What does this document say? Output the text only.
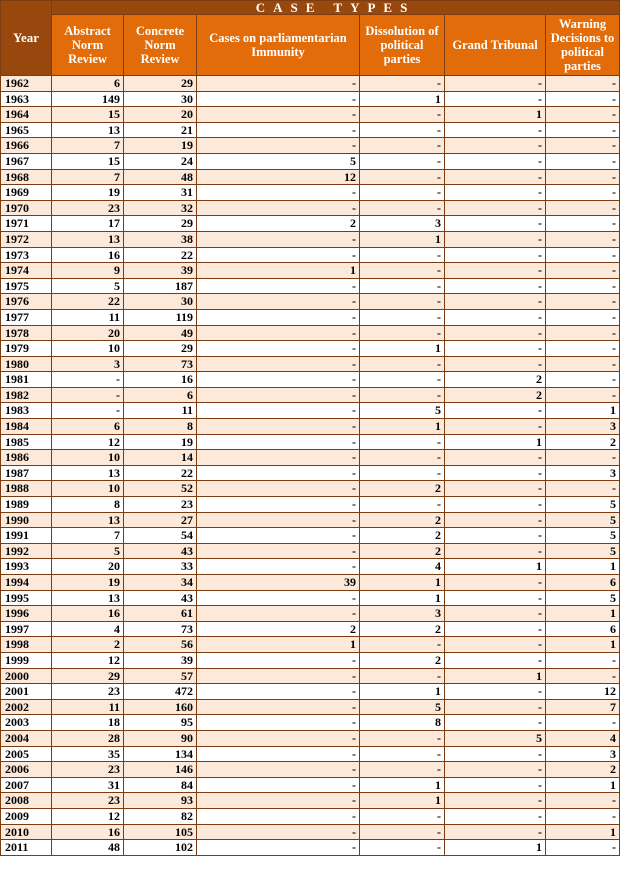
Year	CASE TYPES					
	Abstract Norm Review	Concrete Norm Review	Cases on parliamentarian Immunity	Dissolution of political parties	Grand Tribunal	Warning Decisions to political parties
1962	6	29	-	-	-	-
1963	149	30	-	1	-	-
1964	15	20	-	-	1	-
1965	13	21	-	-	-	-
1966	7	19	-	-	-	-
1967	15	24	5	-	-	-
1968	7	48	12	-	-	-
1969	19	31	-	-	-	-
1970	23	32	-	-	-	-
1971	17	29	2	3	-	-
1972	13	38	-	1	-	-
1973	16	22	-	-	-	-
1974	9	39	1	-	-	-
1975	5	187	-	-	-	-
1976	22	30	-	-	-	-
1977	11	119	-	-	-	-
1978	20	49	-	-	-	-
1979	10	29	-	1	-	-
1980	3	73	-	-	-	-
1981	-	16	-	-	2	-
1982	-	6	-	-	2	-
1983	-	11	-	5	-	1
1984	6	8	-	1	-	3
1985	12	19	-	-	1	2
1986	10	14	-	-	-	-
1987	13	22	-	-	-	3
1988	10	52	-	2	-	-
1989	8	23	-	-	-	5
1990	13	27	-	2	-	5
1991	7	54	-	2	-	5
1992	5	43	-	2	-	5
1993	20	33	-	4	1	1
1994	19	34	39	1	-	6
1995	13	43	-	1	-	5
1996	16	61	-	3	-	1
1997	4	73	2	2	-	6
1998	2	56	1	-	-	1
1999	12	39	-	2	-	-
2000	29	57	-	-	1	-
2001	23	472	-	1	-	12
2002	11	160	-	5	-	7
2003	18	95	-	8	-	-
2004	28	90	-	-	5	4
2005	35	134	-	-	-	3
2006	23	146	-	-	-	2
2007	31	84	-	1	-	1
2008	23	93	-	1	-	-
2009	12	82	-	-	-	-
2010	16	105	-	-	-	1
2011	48	102	-	-	1	-
